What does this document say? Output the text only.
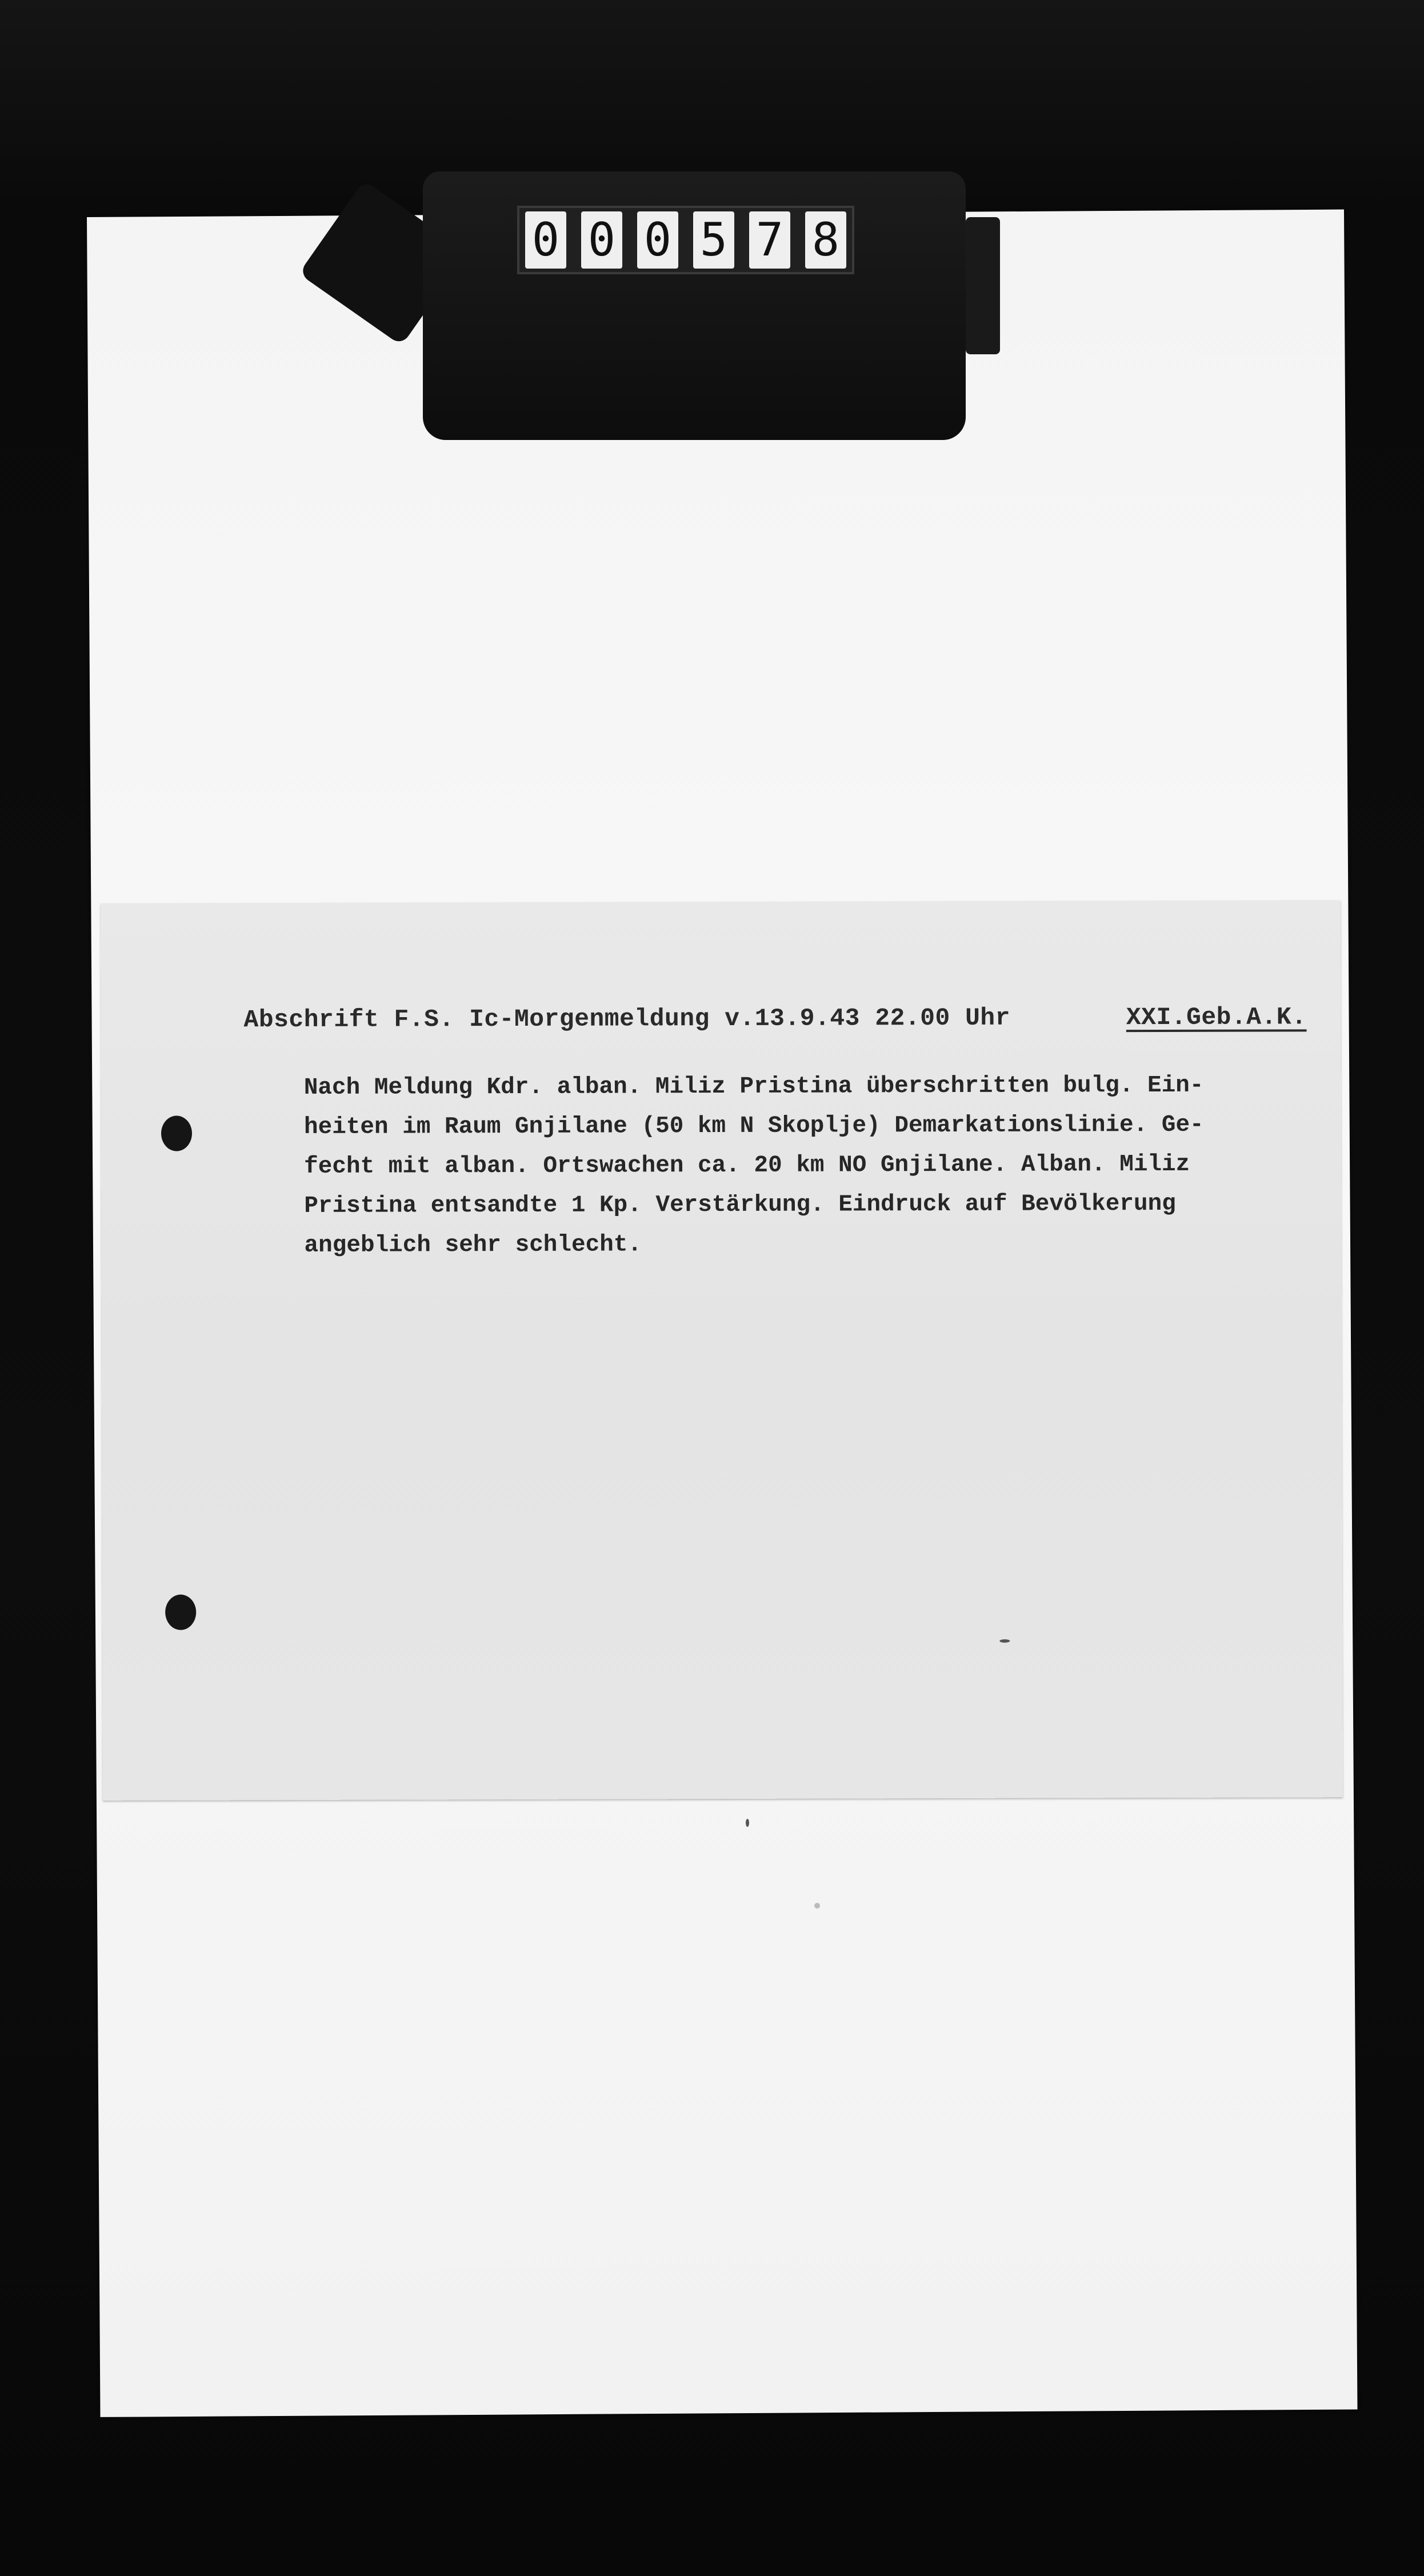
0 0 0 5 7 8
Abschrift F.S. Ic-Morgenmeldung v.13.9.43 22.00 Uhr	XXI.Geb.A.K.
Nach Meldung Kdr. alban. Miliz Pristina überschritten bulg. Ein-
heiten im Raum Gnjilane (50 km N Skoplje) Demarkationslinie. Ge-
fecht mit alban. Ortswachen ca. 20 km NO Gnjilane. Alban. Miliz
Pristina entsandte 1 Kp. Verstärkung. Eindruck auf Bevölkerung
angeblich sehr schlecht.
